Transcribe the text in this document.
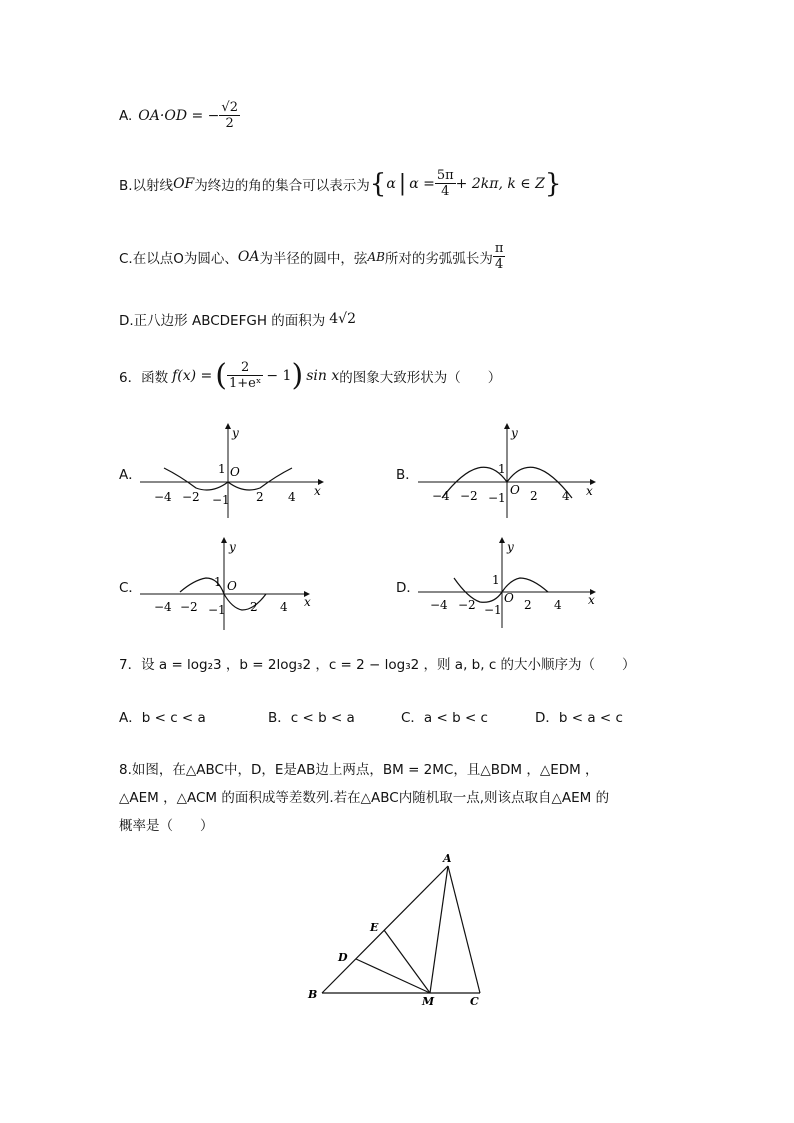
A. OA·OD = − $\frac{√2}{2}$
B.以射线 OF 为终边的角的集合可以表示为 { α | $\alpha = \frac{5\pi}{4} + 2k\pi$, k ∈ Z }
C.在以点O为圆心、 OA 为半径的圆中，弦 AB 所对的劣弧弧长为 $\frac{\pi}{4}$
D.正八边形 ABCDEFGH 的面积为 4√2
6．函数 f(x) = ( $\frac{2}{\text{1+eˣ}} - 1$ ) sin x 的图象大致形状为（　　）
A．	B．
C．	D．
y
x
O
1
−1
−4 −2	2 4
y
x
O
1
−1
−4 −2	2 4
y
x
O
1
−1
−4 −2	2 4
y
x
O
1
−1
−4 −2	2 4
7．设 a = log₂3 ，b = 2log₃2 ，c = 2 − log₃2 ，则 a, b, c 的大小顺序为（　　）
A．b < c < a	B．c < b < a	C．a < b < c	D．b < a < c
8.如图，在△ABC中，D，E是AB边上两点，BM = 2MC，且△BDM ，△EDM ，
△AEM ，△ACM 的面积成等差数列.若在△ABC内随机取一点,则该点取自△AEM 的
概率是（　　）
A
B
C
D
E
M
